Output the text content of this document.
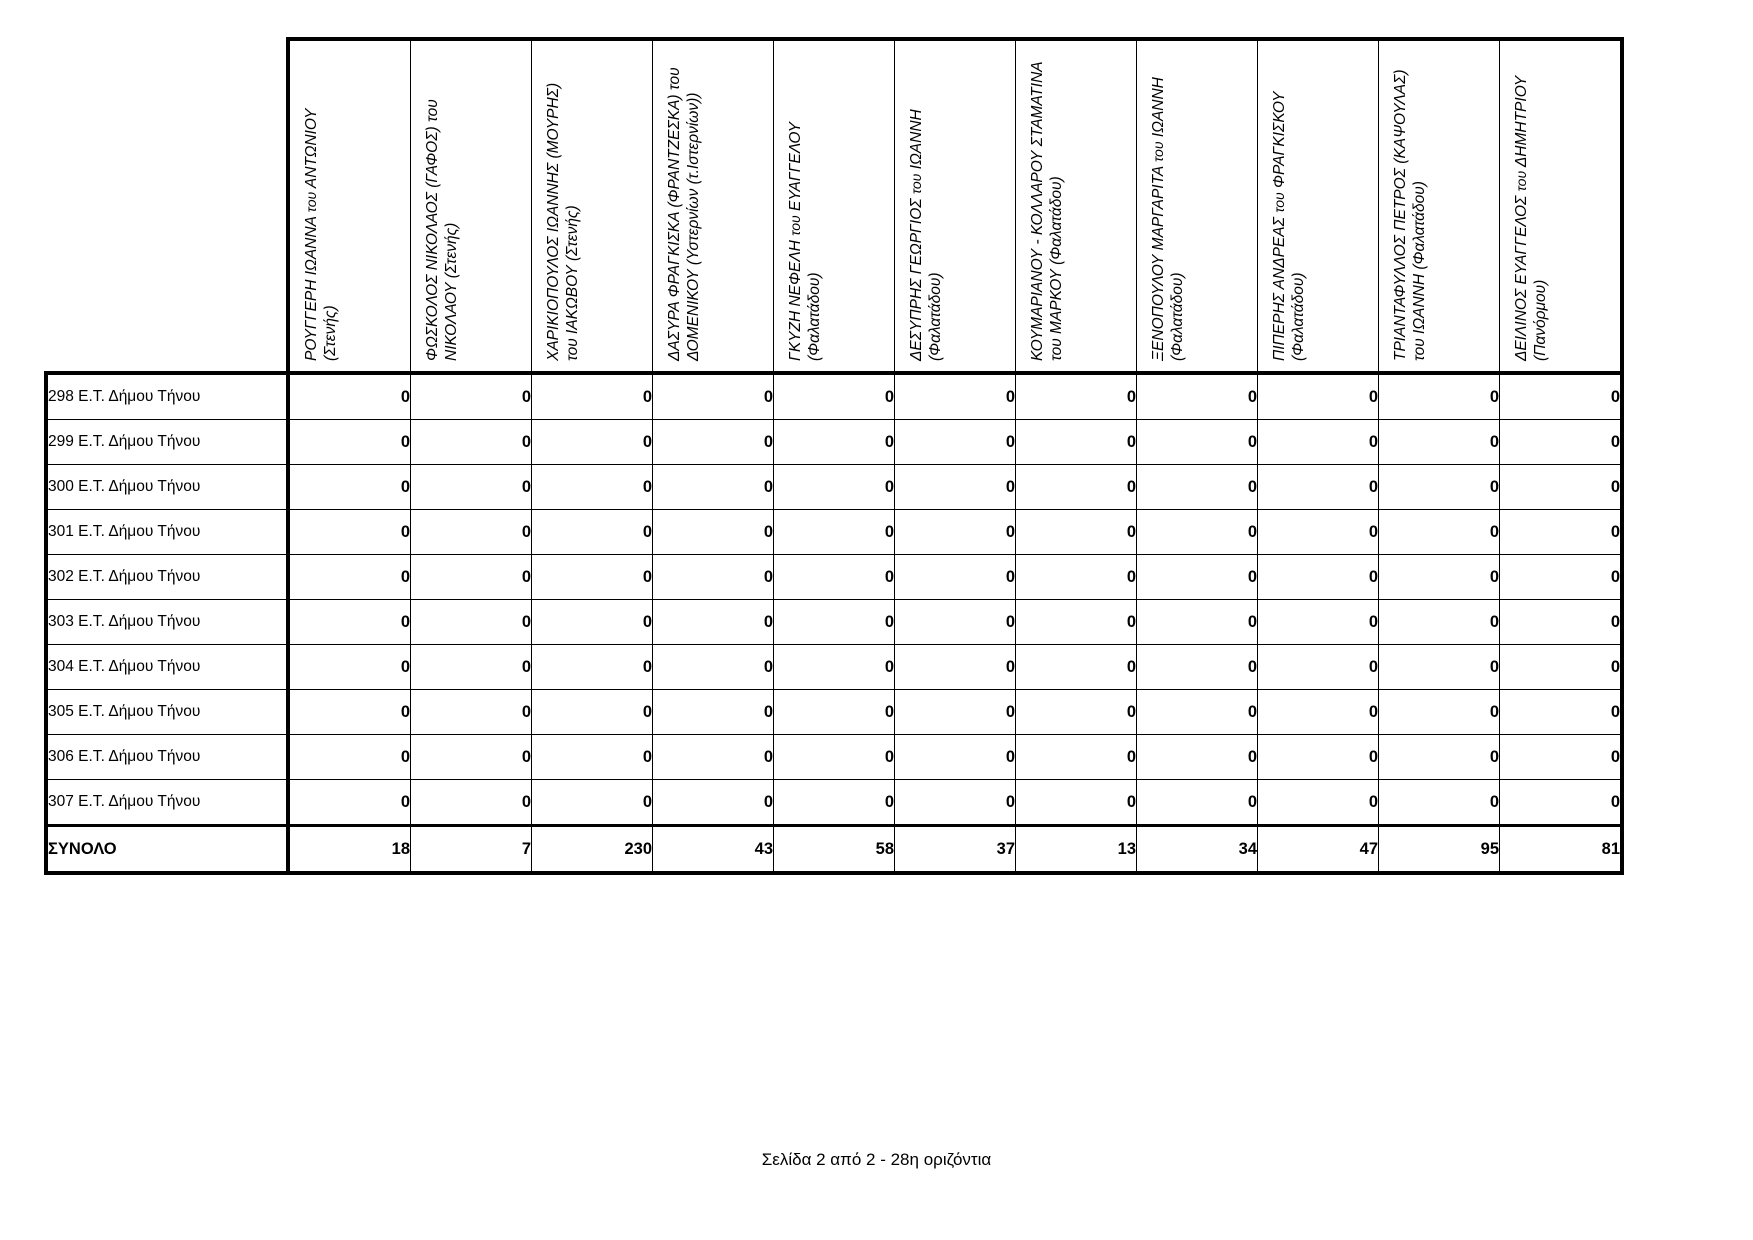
	ΡΟΥΓΓΕΡΗ ΙΩΑΝΝΑ του ΑΝΤΩΝΙΟΥ (Στενής)	ΦΩΣΚΟΛΟΣ ΝΙΚΟΛΑΟΣ (ΓΑΦΟΣ) του ΝΙΚΟΛΑΟΥ (Στενής)	ΧΑΡΙΚΙΟΠΟΥΛΟΣ ΙΩΑΝΝΗΣ (ΜΟΥΡΗΣ) του ΙΑΚΩΒΟΥ (Στενής)	ΔΑΣΥΡΑ ΦΡΑΓΚΙΣΚΑ (ΦΡΑΝΤΖΕΣΚΑ) του ΔΟΜΕΝΙΚΟΥ (Υστερνίων (τ.Ιστερνίων))	ΓΚΥΖΗ ΝΕΦΕΛΗ του ΕΥΑΓΓΕΛΟΥ (Φαλατάδου)	ΔΕΣΥΠΡΗΣ ΓΕΩΡΓΙΟΣ του ΙΩΑΝΝΗ (Φαλατάδου)	ΚΟΥΜΑΡΙΑΝΟΥ - ΚΟΛΛΑΡΟΥ ΣΤΑΜΑΤΙΝΑ του ΜΑΡΚΟΥ (Φαλατάδου)	ΞΕΝΟΠΟΥΛΟΥ ΜΑΡΓΑΡΙΤΑ του ΙΩΑΝΝΗ (Φαλατάδου)	ΠΙΠΕΡΗΣ ΑΝΔΡΕΑΣ του ΦΡΑΓΚΙΣΚΟΥ (Φαλατάδου)	ΤΡΙΑΝΤΑΦΥΛΛΟΣ ΠΕΤΡΟΣ (ΚΑΨΟΥΛΑΣ) του ΙΩΑΝΝΗ (Φαλατάδου)	ΔΕΙΛΙΝΟΣ ΕΥΑΓΓΕΛΟΣ του ΔΗΜΗΤΡΙΟΥ (Πανόρμου)

298 Ε.Τ. Δήμου Τήνου	0	0	0	0	0	0	0	0	0	0	0
299 Ε.Τ. Δήμου Τήνου	0	0	0	0	0	0	0	0	0	0	0
300 Ε.Τ. Δήμου Τήνου	0	0	0	0	0	0	0	0	0	0	0
301 Ε.Τ. Δήμου Τήνου	0	0	0	0	0	0	0	0	0	0	0
302 Ε.Τ. Δήμου Τήνου	0	0	0	0	0	0	0	0	0	0	0
303 Ε.Τ. Δήμου Τήνου	0	0	0	0	0	0	0	0	0	0	0
304 Ε.Τ. Δήμου Τήνου	0	0	0	0	0	0	0	0	0	0	0
305 Ε.Τ. Δήμου Τήνου	0	0	0	0	0	0	0	0	0	0	0
306 Ε.Τ. Δήμου Τήνου	0	0	0	0	0	0	0	0	0	0	0
307 Ε.Τ. Δήμου Τήνου	0	0	0	0	0	0	0	0	0	0	0
ΣΥΝΟΛΟ	18	7	230	43	58	37	13	34	47	95	81
Σελίδα 2 από 2 - 28η οριζόντια
